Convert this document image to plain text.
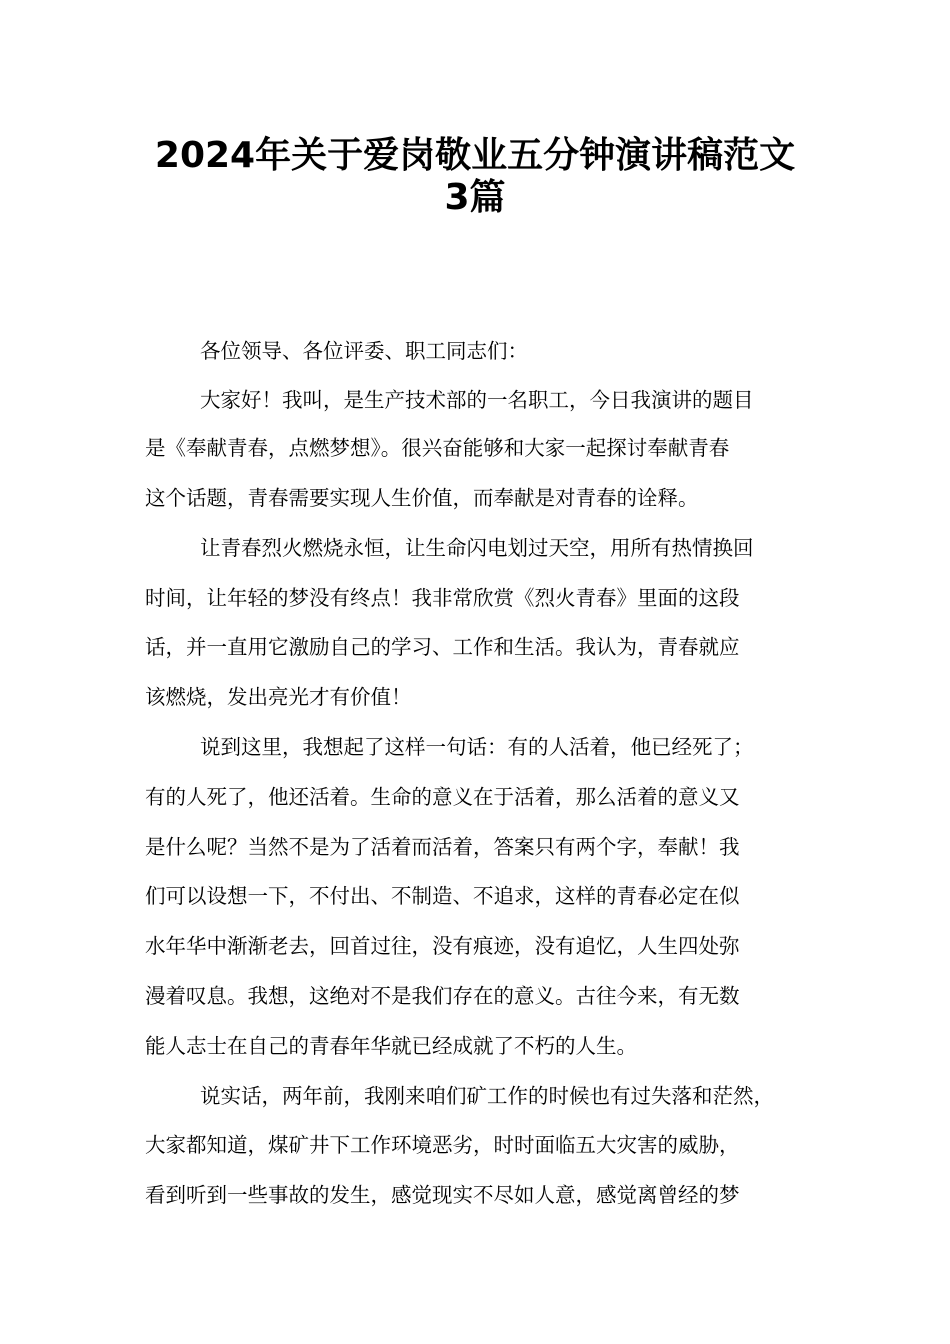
2024年关于爱岗敬业五分钟演讲稿范文
3篇

各位领导、各位评委、职工同志们：

大家好！我叫，是生产技术部的一名职工，今日我演讲的题目

是《奉献青春，点燃梦想》。很兴奋能够和大家一起探讨奉献青春

这个话题，青春需要实现人生价值，而奉献是对青春的诠释。

让青春烈火燃烧永恒，让生命闪电划过天空，用所有热情换回

时间，让年轻的梦没有终点！我非常欣赏《烈火青春》里面的这段

话，并一直用它激励自己的学习、工作和生活。我认为，青春就应

该燃烧，发出亮光才有价值！

说到这里，我想起了这样一句话：有的人活着，他已经死了；

有的人死了，他还活着。生命的意义在于活着，那么活着的意义又

是什么呢？当然不是为了活着而活着，答案只有两个字，奉献！我

们可以设想一下，不付出、不制造、不追求，这样的青春必定在似

水年华中渐渐老去，回首过往，没有痕迹，没有追忆，人生四处弥

漫着叹息。我想，这绝对不是我们存在的意义。古往今来，有无数

能人志士在自己的青春年华就已经成就了不朽的人生。

说实话，两年前，我刚来咱们矿工作的时候也有过失落和茫然，

大家都知道，煤矿井下工作环境恶劣，时时面临五大灾害的威胁，

看到听到一些事故的发生，感觉现实不尽如人意，感觉离曾经的梦
